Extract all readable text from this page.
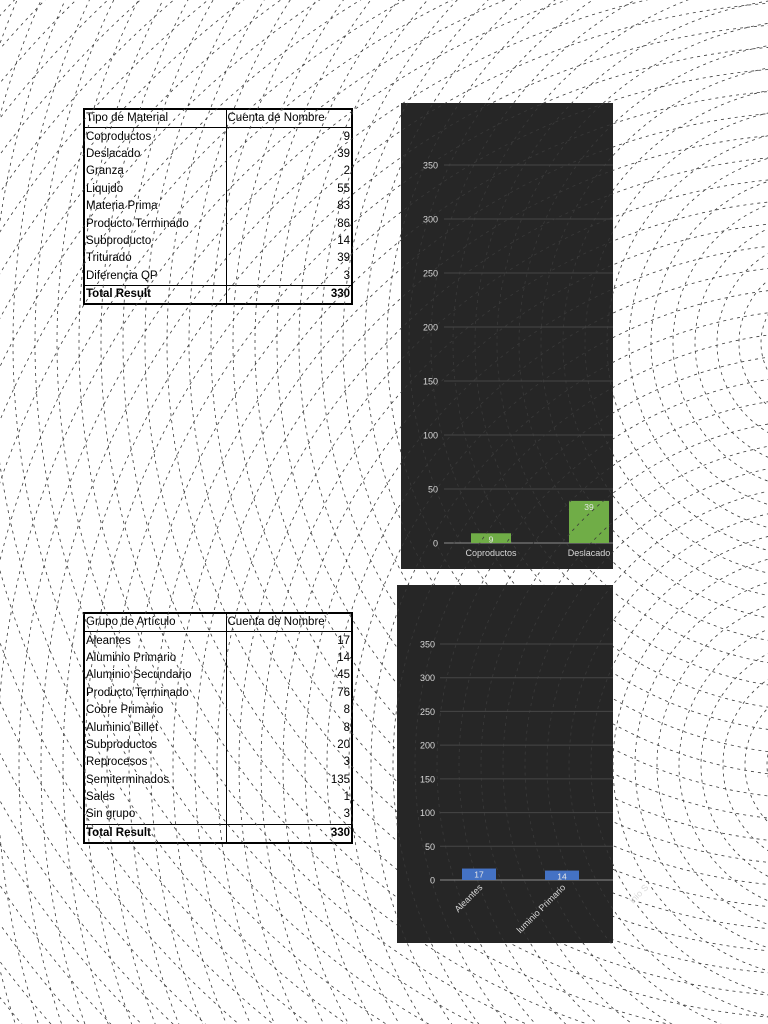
Tipo de Material	Cuenta de Nombre
Coproductos	9
Deslacado	39
Granza	2
Liquido	55
Materia Prima	83
Producto Terminado	86
Subproducto	14
Triturado	39
Diferencia QP	3
Total Result	330
Grupo de Artículo	Cuenta de Nombre
Aleantes	17
Aluminio Primario	14
Aluminio Secundario	45
Producto Terminado	76
Cobre Primario	8
Aluminio Billet	8
Subproductos	20
Reprocesos	3
Semiterminados	135
Sales	1
Sin grupo	3
Total Result	330
0
50
100
150
200
250
300
350
9
Coproductos
39
Deslacado
0
50
100
150
200
250
300
350
17
Aleantes
14
luminio Primario	inio S
